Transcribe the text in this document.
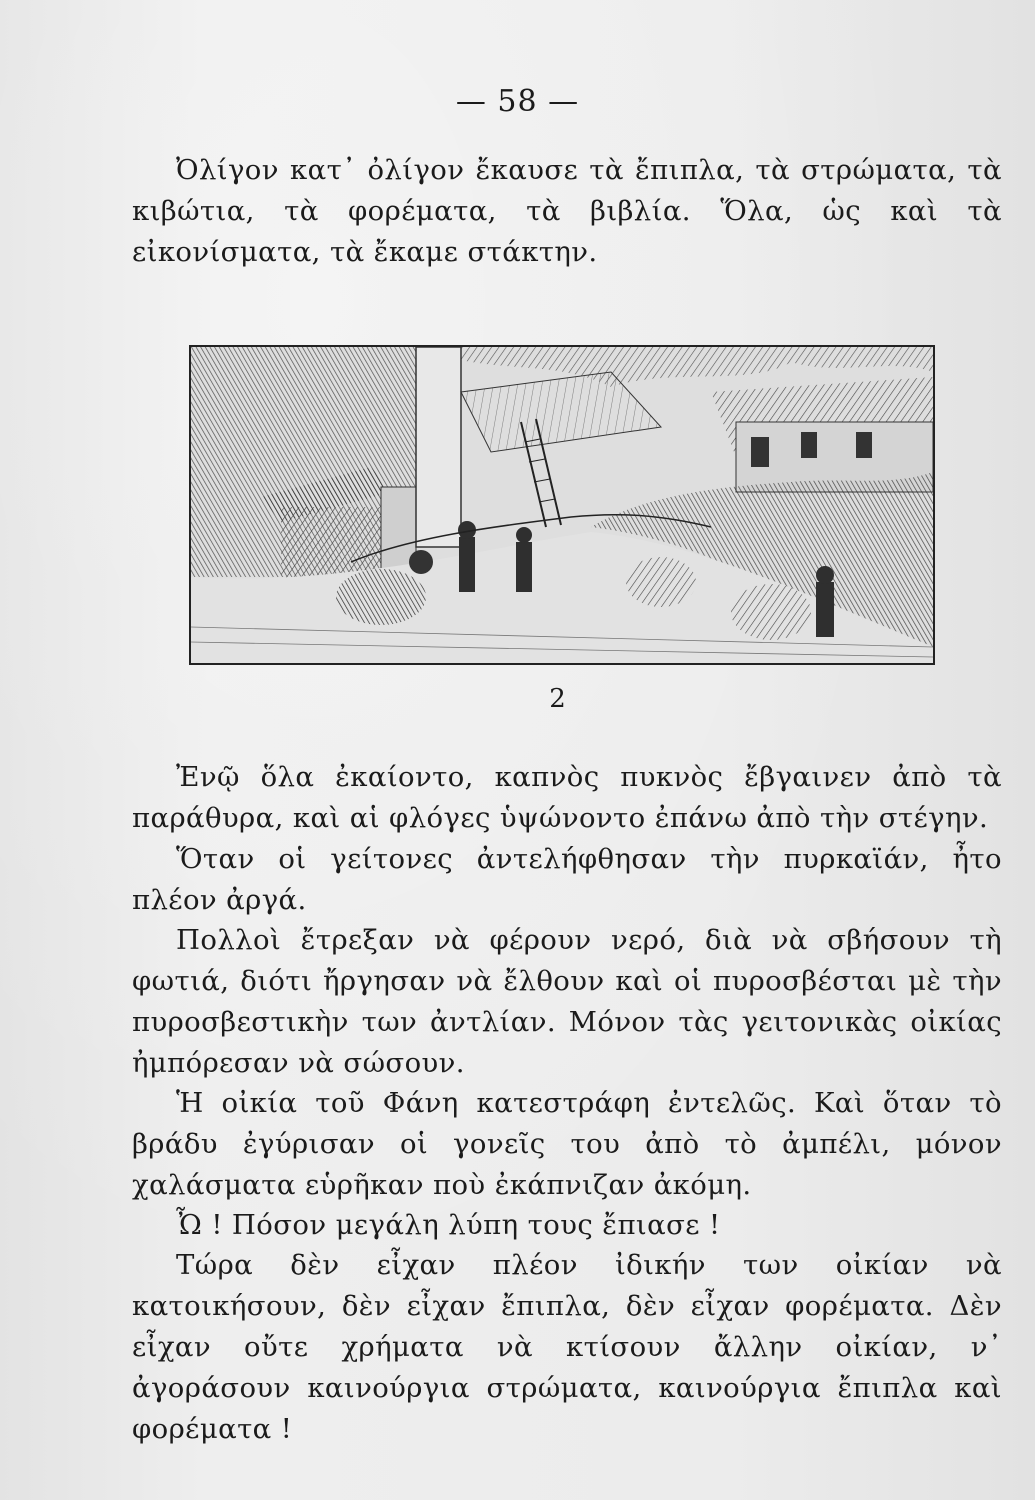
— 58 —

Ὀλίγον κατ᾽ ὀλίγον ἔκαυσε τὰ ἔπιπλα, τὰ στρώματα, τὰ κιβώτια, τὰ φορέματα, τὰ βιβλία. Ὅλα, ὡς καὶ τὰ εἰκονίσματα, τὰ ἔκαμε στάκτην.

2

Ἐνῷ ὅλα ἐκαίοντο, καπνὸς πυκνὸς ἔβγαινεν ἀπὸ τὰ παράθυρα, καὶ αἱ φλόγες ὑψώνοντο ἐπάνω ἀπὸ τὴν στέγην.

Ὅταν οἱ γείτονες ἀντελήφθησαν τὴν πυρκαϊάν, ἦτο πλέον ἀργά.

Πολλοὶ ἔτρεξαν νὰ φέρουν νερό, διὰ νὰ σβήσουν τὴ φωτιά, διότι ἤργησαν νὰ ἔλθουν καὶ οἱ πυροσβέσται μὲ τὴν πυροσβεστικὴν των ἀντλίαν. Μόνον τὰς γειτονικὰς οἰκίας ἠμπόρεσαν νὰ σώσουν.

Ἡ οἰκία τοῦ Φάνη κατεστράφη ἐντελῶς. Καὶ ὅταν τὸ βράδυ ἐγύρισαν οἱ γονεῖς του ἀπὸ τὸ ἀμπέλι, μόνον χαλάσματα εὑρῆκαν ποὺ ἐκάπνιζαν ἀκόμη.

Ὦ ! Πόσον μεγάλη λύπη τους ἔπιασε !

Τώρα δὲν εἶχαν πλέον ἰδικήν των οἰκίαν νὰ κατοικήσουν, δὲν εἶχαν ἔπιπλα, δὲν εἶχαν φορέματα. Δὲν εἶχαν οὔτε χρήματα νὰ κτίσουν ἄλλην οἰκίαν, ν᾽ ἀγοράσουν καινούργια στρώματα, καινούργια ἔπιπλα καὶ φορέματα !
